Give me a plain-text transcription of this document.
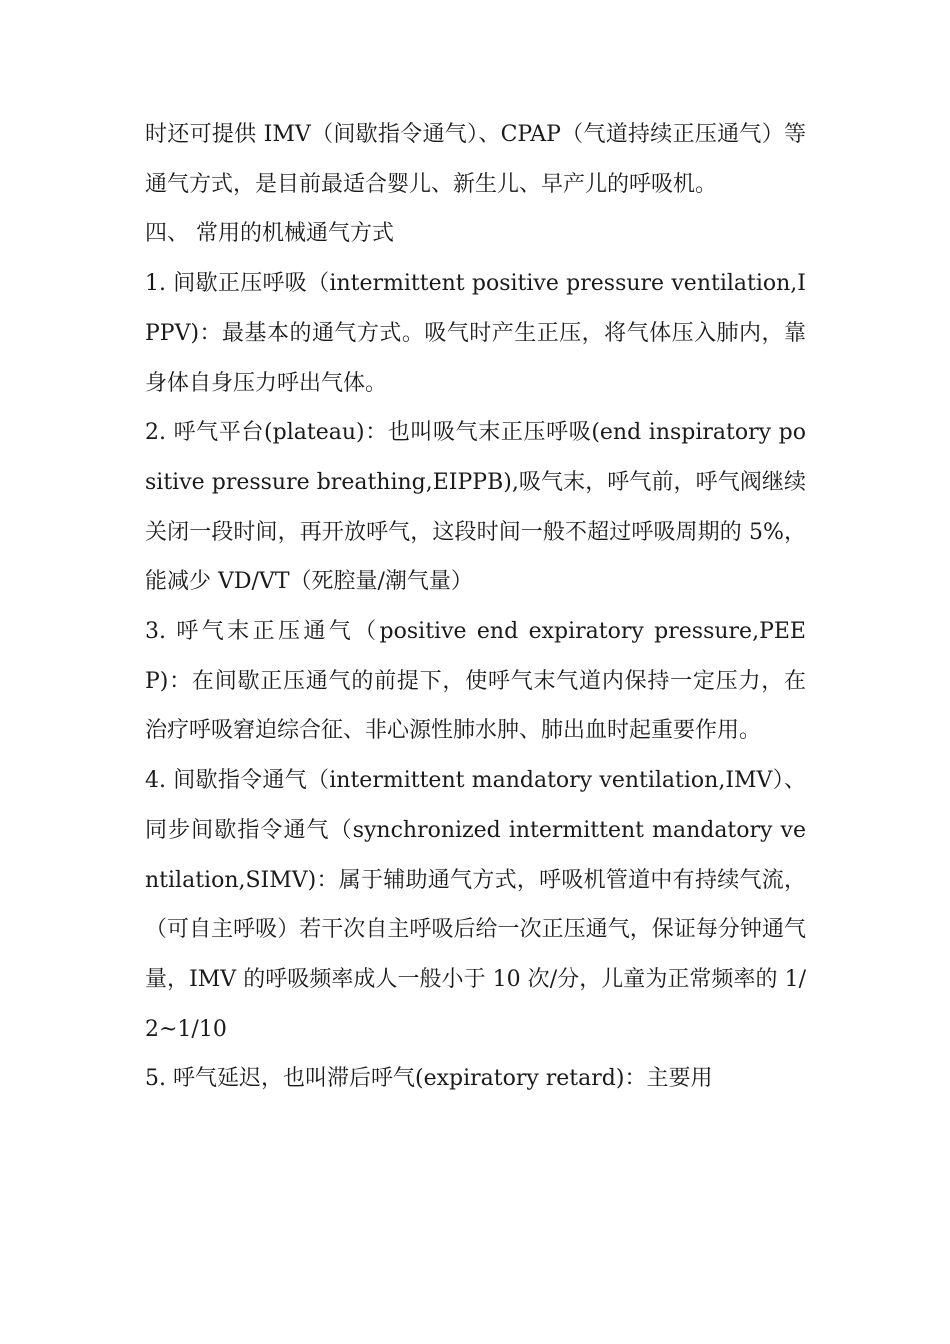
时还可提供 IMV（间歇指令通气）、CPAP（气道持续正压通气）等通气方式，是目前最适合婴儿、新生儿、早产儿的呼吸机。

四、 常用的机械通气方式

1. 间歇正压呼吸（intermittent positive pressure ventilation,IPPV)：最基本的通气方式。吸气时产生正压，将气体压入肺内，靠身体自身压力呼出气体。

2. 呼气平台(plateau)：也叫吸气末正压呼吸(end inspiratory positive pressure breathing,EIPPB),吸气末，呼气前，呼气阀继续关闭一段时间，再开放呼气，这段时间一般不超过呼吸周期的 5%，能减少 VD/VT（死腔量/潮气量）

3. 呼气末正压通气（positive end expiratory pressure,PEEP)：在间歇正压通气的前提下，使呼气末气道内保持一定压力，在治疗呼吸窘迫综合征、非心源性肺水肿、肺出血时起重要作用。

4. 间歇指令通气（intermittent mandatory ventilation,IMV）、同步间歇指令通气（synchronized intermittent mandatory ventilation,SIMV)：属于辅助通气方式，呼吸机管道中有持续气流，（可自主呼吸）若干次自主呼吸后给一次正压通气，保证每分钟通气量，IMV 的呼吸频率成人一般小于 10 次/分，儿童为正常频率的 1/2~1/10

5. 呼气延迟，也叫滞后呼气(expiratory retard)：主要用
